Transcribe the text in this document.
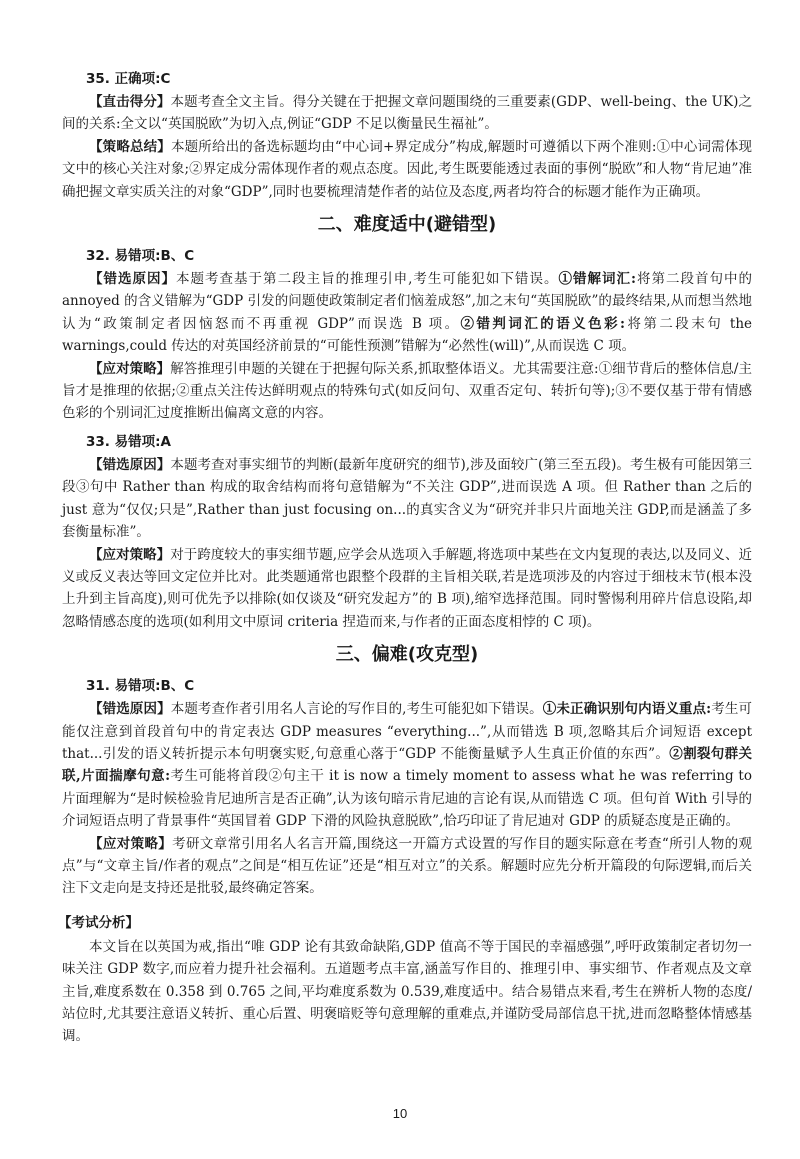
35. 正确项:C

【直击得分】本题考查全文主旨。得分关键在于把握文章问题围绕的三重要素(GDP、well-being、the UK)之间的关系:全文以“英国脱欧”为切入点,例证“GDP 不足以衡量民生福祉”。

【策略总结】本题所给出的备选标题均由“中心词+界定成分”构成,解题时可遵循以下两个准则:①中心词需体现文中的核心关注对象;②界定成分需体现作者的观点态度。因此,考生既要能透过表面的事例“脱欧”和人物“肯尼迪”准确把握文章实质关注的对象“GDP”,同时也要梳理清楚作者的站位及态度,两者均符合的标题才能作为正确项。

二、难度适中(避错型)
32. 易错项:B、C

【错选原因】本题考查基于第二段主旨的推理引申,考生可能犯如下错误。①错解词汇:将第二段首句中的 annoyed 的含义错解为“GDP 引发的问题使政策制定者们恼羞成怒”,加之末句“英国脱欧”的最终结果,从而想当然地认为“政策制定者因恼怒而不再重视 GDP”而误选 B 项。②错判词汇的语义色彩:将第二段末句 the warnings,could 传达的对英国经济前景的“可能性预测”错解为“必然性(will)”,从而误选 C 项。

【应对策略】解答推理引申题的关键在于把握句际关系,抓取整体语义。尤其需要注意:①细节背后的整体信息/主旨才是推理的依据;②重点关注传达鲜明观点的特殊句式(如反问句、双重否定句、转折句等);③不要仅基于带有情感色彩的个别词汇过度推断出偏离文意的内容。

33. 易错项:A

【错选原因】本题考查对事实细节的判断(最新年度研究的细节),涉及面较广(第三至五段)。考生极有可能因第三段③句中 Rather than 构成的取舍结构而将句意错解为“不关注 GDP”,进而误选 A 项。但 Rather than 之后的 just 意为“仅仅;只是”,Rather than just focusing on...的真实含义为“研究并非只片面地关注 GDP,而是涵盖了多套衡量标准”。

【应对策略】对于跨度较大的事实细节题,应学会从选项入手解题,将选项中某些在文内复现的表达,以及同义、近义或反义表达等回文定位并比对。此类题通常也跟整个段群的主旨相关联,若是选项涉及的内容过于细枝末节(根本没上升到主旨高度),则可优先予以排除(如仅谈及“研究发起方”的 B 项),缩窄选择范围。同时警惕利用碎片信息设陷,却忽略情感态度的选项(如利用文中原词 criteria 捏造而来,与作者的正面态度相悖的 C 项)。

三、偏难(攻克型)
31. 易错项:B、C

【错选原因】本题考查作者引用名人言论的写作目的,考生可能犯如下错误。①未正确识别句内语义重点:考生可能仅注意到首段首句中的肯定表达 GDP measures “everything...”,从而错选 B 项,忽略其后介词短语 except that...引发的语义转折提示本句明褒实贬,句意重心落于“GDP 不能衡量赋予人生真正价值的东西”。②割裂句群关联,片面揣摩句意:考生可能将首段②句主干 it is now a timely moment to assess what he was referring to 片面理解为“是时候检验肯尼迪所言是否正确”,认为该句暗示肯尼迪的言论有误,从而错选 C 项。但句首 With 引导的介词短语点明了背景事件“英国冒着 GDP 下滑的风险执意脱欧”,恰巧印证了肯尼迪对 GDP 的质疑态度是正确的。

【应对策略】考研文章常引用名人名言开篇,围绕这一开篇方式设置的写作目的题实际意在考查“所引人物的观点”与“文章主旨/作者的观点”之间是“相互佐证”还是“相互对立”的关系。解题时应先分析开篇段的句际逻辑,而后关注下文走向是支持还是批驳,最终确定答案。

【考试分析】

本文旨在以英国为戒,指出“唯 GDP 论有其致命缺陷,GDP 值高不等于国民的幸福感强”,呼吁政策制定者切勿一味关注 GDP 数字,而应着力提升社会福利。五道题考点丰富,涵盖写作目的、推理引申、事实细节、作者观点及文章主旨,难度系数在 0.358 到 0.765 之间,平均难度系数为 0.539,难度适中。结合易错点来看,考生在辨析人物的态度/站位时,尤其要注意语义转折、重心后置、明褒暗贬等句意理解的重难点,并谨防受局部信息干扰,进而忽略整体情感基调。

10
